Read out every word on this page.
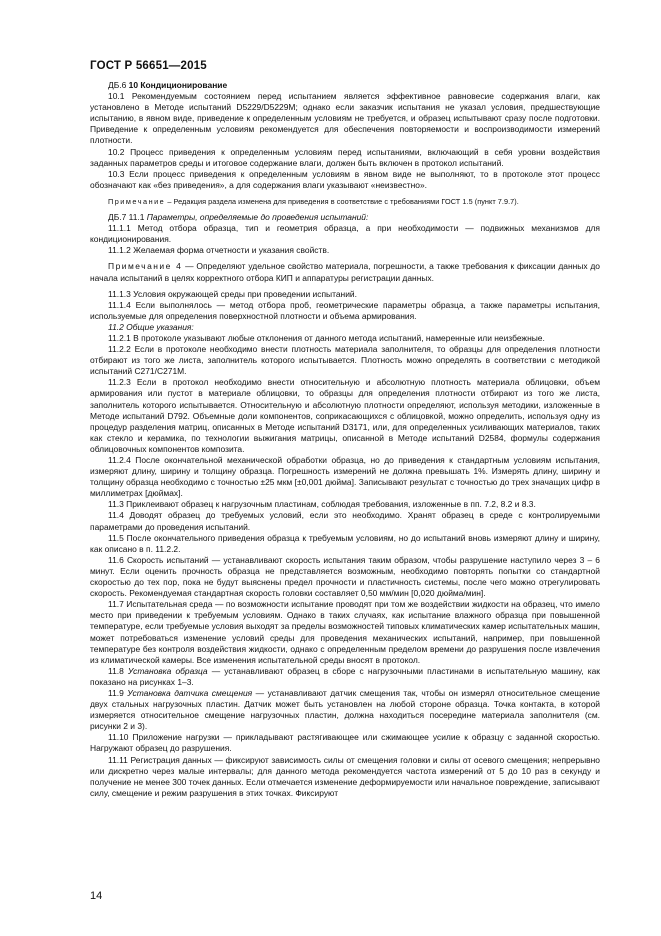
ГОСТ Р 56651—2015

ДБ.6 10 Кондиционирование

10.1 Рекомендуемым состоянием перед испытанием является эффективное равновесие содержания влаги, как установлено в Методе испытаний D5229/D5229M; однако если заказчик испытания не указал условия, предшествующие испытанию, в явном виде, приведение к определенным условиям не требуется, и образец испытывают сразу после подготовки. Приведение к определенным условиям рекомендуется для обеспечения повторяемости и воспроизводимости измерений плотности.

10.2 Процесс приведения к определенным условиям перед испытаниями, включающий в себя уровни воздействия заданных параметров среды и итоговое содержание влаги, должен быть включен в протокол испытаний.

10.3 Если процесс приведения к определенным условиям в явном виде не выполняют, то в протоколе этот процесс обозначают как «без приведения», а для содержания влаги указывают «неизвестно».

Примечание – Редакция раздела изменена для приведения в соответствие с требованиями ГОСТ 1.5 (пункт 7.9.7).

ДБ.7 11.1 Параметры, определяемые до проведения испытаний:

11.1.1 Метод отбора образца, тип и геометрия образца, а при необходимости — подвижных механизмов для кондиционирования.

11.1.2 Желаемая форма отчетности и указания свойств.

Примечание 4 — Определяют удельное свойство материала, погрешности, а также требования к фиксации данных до начала испытаний в целях корректного отбора КИП и аппаратуры регистрации данных.

11.1.3 Условия окружающей среды при проведении испытаний.

11.1.4 Если выполнялось — метод отбора проб, геометрические параметры образца, а также параметры испытания, используемые для определения поверхностной плотности и объема армирования.

11.2 Общие указания:

11.2.1 В протоколе указывают любые отклонения от данного метода испытаний, намеренные или неизбежные.

11.2.2 Если в протоколе необходимо внести плотность материала заполнителя, то образцы для определения плотности отбирают из того же листа, заполнитель которого испытывается. Плотность можно определять в соответствии с методикой испытаний C271/C271M.

11.2.3 Если в протокол необходимо внести относительную и абсолютную плотность материала облицовки, объем армирования или пустот в материале облицовки, то образцы для определения плотности отбирают из того же листа, заполнитель которого испытывается. Относительную и абсолютную плотности определяют, используя методики, изложенные в Методе испытаний D792. Объемные доли компонентов, соприкасающихся с облицовкой, можно определить, используя одну из процедур разделения матриц, описанных в Методе испытаний D3171, или, для определенных усиливающих материалов, таких как стекло и керамика, по технологии выжигания матрицы, описанной в Методе испытаний D2584, формулы содержания облицовочных компонентов композита.

11.2.4 После окончательной механической обработки образца, но до приведения к стандартным условиям испытания, измеряют длину, ширину и толщину образца. Погрешность измерений не должна превышать 1%. Измерять длину, ширину и толщину образца необходимо с точностью ±25 мкм [±0,001 дюйма]. Записывают результат с точностью до трех значащих цифр в миллиметрах [дюймах].

11.3 Приклеивают образец к нагрузочным пластинам, соблюдая требования, изложенные в пп. 7.2, 8.2 и 8.3.

11.4 Доводят образец до требуемых условий, если это необходимо. Хранят образец в среде с контролируемыми параметрами до проведения испытаний.

11.5 После окончательного приведения образца к требуемым условиям, но до испытаний вновь измеряют длину и ширину, как описано в п. 11.2.2.

11.6 Скорость испытаний — устанавливают скорость испытания таким образом, чтобы разрушение наступило через 3 – 6 минут. Если оценить прочность образца не представляется возможным, необходимо повторять попытки со стандартной скоростью до тех пор, пока не будут выяснены предел прочности и пластичность системы, после чего можно отрегулировать скорость. Рекомендуемая стандартная скорость головки составляет 0,50 мм/мин [0,020 дюйма/мин].

11.7 Испытательная среда — по возможности испытание проводят при том же воздействии жидкости на образец, что имело место при приведении к требуемым условиям. Однако в таких случаях, как испытание влажного образца при повышенной температуре, если требуемые условия выходят за пределы возможностей типовых климатических камер испытательных машин, может потребоваться изменение условий среды для проведения механических испытаний, например, при повышенной температуре без контроля воздействия жидкости, однако с определенным пределом времени до разрушения после извлечения из климатической камеры. Все изменения испытательной среды вносят в протокол.

11.8 Установка образца — устанавливают образец в сборе с нагрузочными пластинами в испытательную машину, как показано на рисунках 1–3.

11.9 Установка датчика смещения — устанавливают датчик смещения так, чтобы он измерял относительное смещение двух стальных нагрузочных пластин. Датчик может быть установлен на любой стороне образца. Точка контакта, в которой измеряется относительное смещение нагрузочных пластин, должна находиться посередине материала заполнителя (см. рисунки 2 и 3).

11.10 Приложение нагрузки — прикладывают растягивающее или сжимающее усилие к образцу с заданной скоростью. Нагружают образец до разрушения.

11.11 Регистрация данных — фиксируют зависимость силы от смещения головки и силы от осевого смещения; непрерывно или дискретно через малые интервалы; для данного метода рекомендуется частота измерений от 5 до 10 раз в секунду и получение не менее 300 точек данных. Если отмечается изменение деформируемости или начальное повреждение, записывают силу, смещение и режим разрушения в этих точках. Фиксируют

14
